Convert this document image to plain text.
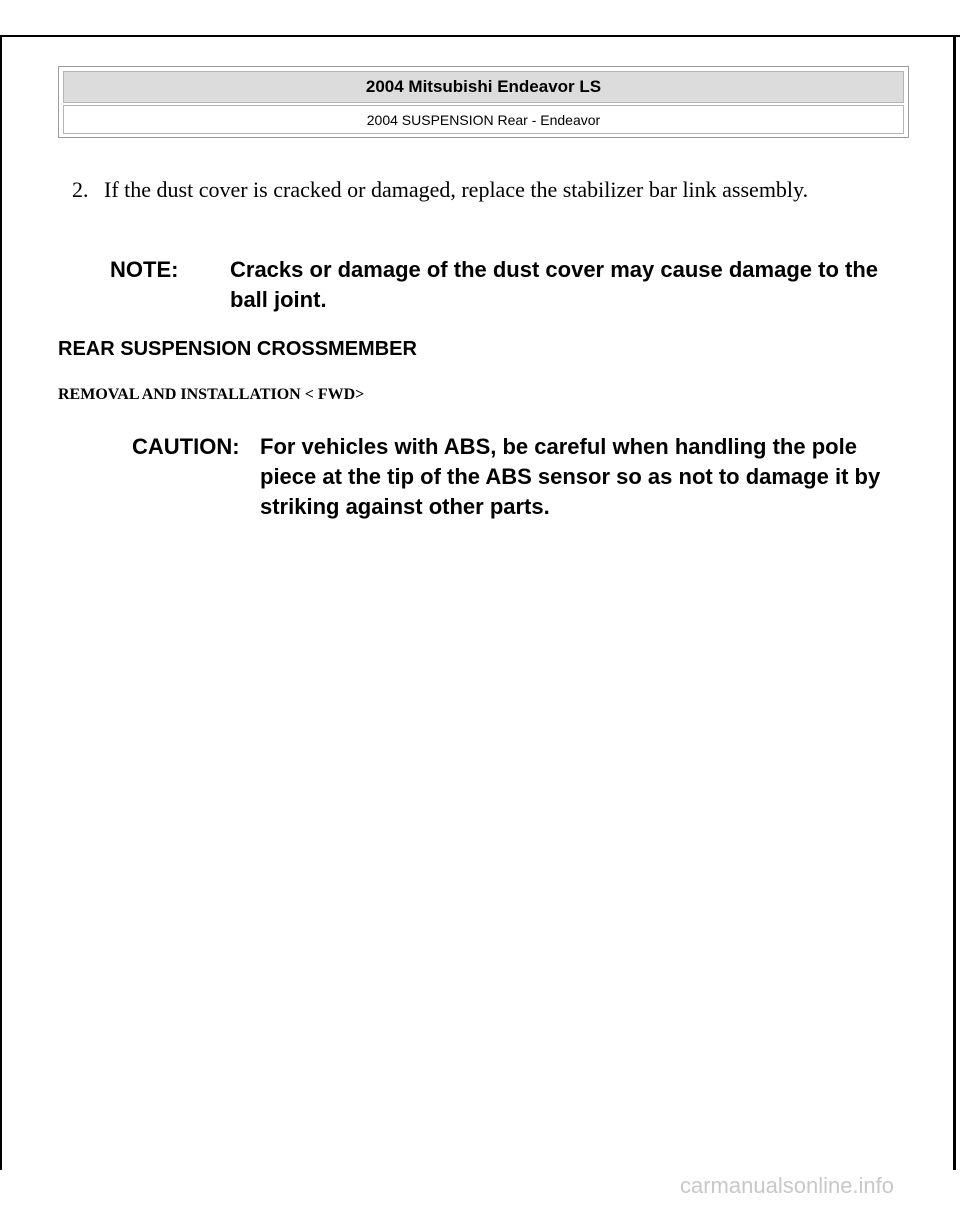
2004 Mitsubishi Endeavor LS
2004 SUSPENSION Rear - Endeavor
2. If the dust cover is cracked or damaged, replace the stabilizer bar link assembly.
NOTE: Cracks or damage of the dust cover may cause damage to the ball joint.
REAR SUSPENSION CROSSMEMBER
REMOVAL AND INSTALLATION < FWD>
CAUTION: For vehicles with ABS, be careful when handling the pole piece at the tip of the ABS sensor so as not to damage it by striking against other parts.
carmanualsonline.info
